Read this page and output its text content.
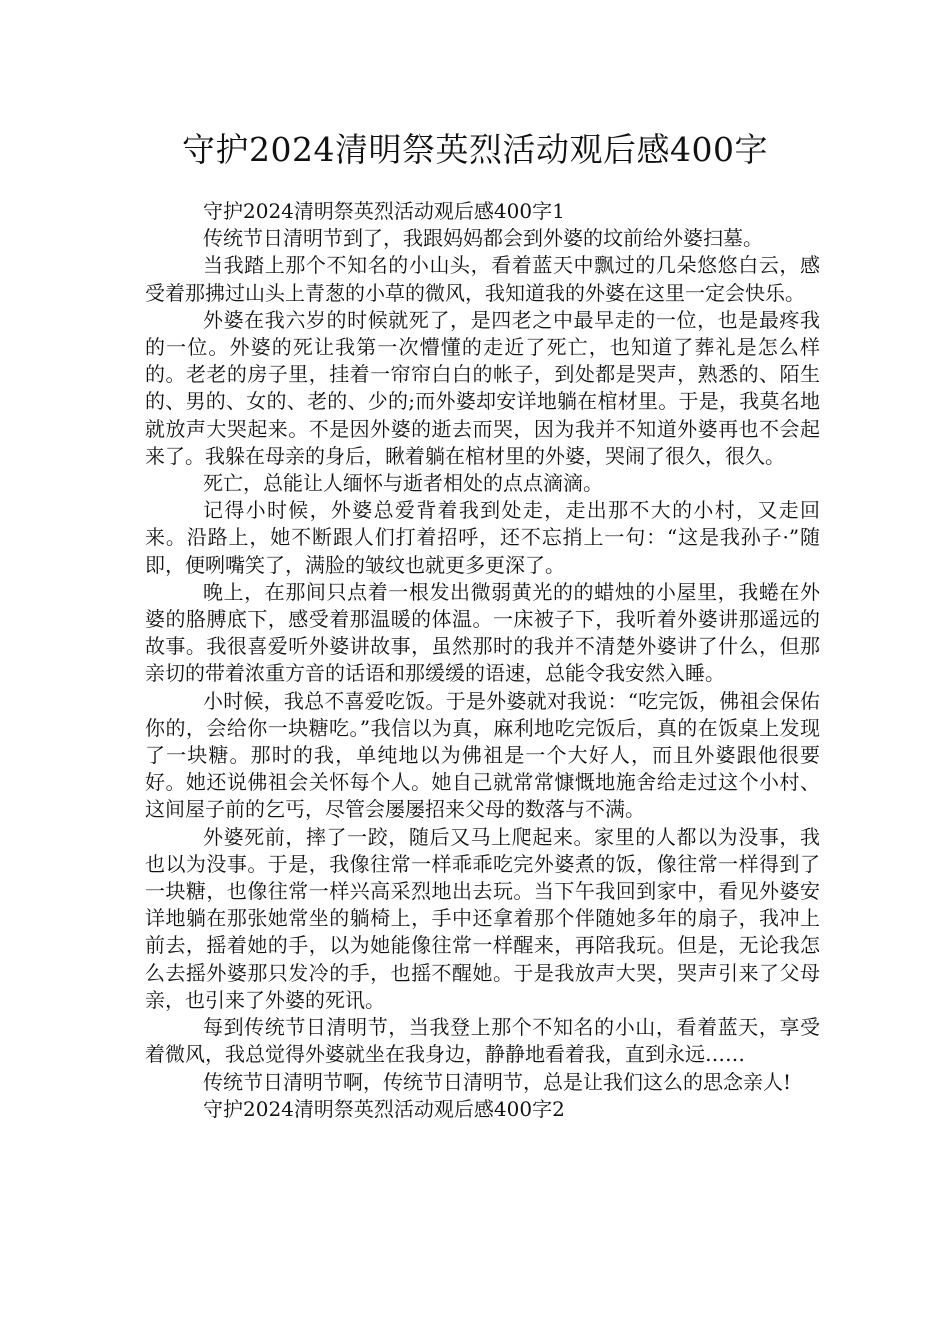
守护2024清明祭英烈活动观后感400字

守护2024清明祭英烈活动观后感400字1

传统节日清明节到了，我跟妈妈都会到外婆的坟前给外婆扫墓。

当我踏上那个不知名的小山头，看着蓝天中飘过的几朵悠悠白云，感受着那拂过山头上青葱的小草的微风，我知道我的外婆在这里一定会快乐。

外婆在我六岁的时候就死了，是四老之中最早走的一位，也是最疼我的一位。外婆的死让我第一次懵懂的走近了死亡，也知道了葬礼是怎么样的。老老的房子里，挂着一帘帘白白的帐子，到处都是哭声，熟悉的、陌生的、男的、女的、老的、少的;而外婆却安详地躺在棺材里。于是，我莫名地就放声大哭起来。不是因外婆的逝去而哭，因为我并不知道外婆再也不会起来了。我躲在母亲的身后，瞅着躺在棺材里的外婆，哭闹了很久，很久。

死亡，总能让人缅怀与逝者相处的点点滴滴。

记得小时候，外婆总爱背着我到处走，走出那不大的小村，又走回来。沿路上，她不断跟人们打着招呼，还不忘捎上一句：“这是我孙子·”随即，便咧嘴笑了，满脸的皱纹也就更多更深了。

晚上，在那间只点着一根发出微弱黄光的的蜡烛的小屋里，我蜷在外婆的胳膊底下，感受着那温暖的体温。一床被子下，我听着外婆讲那遥远的故事。我很喜爱听外婆讲故事，虽然那时的我并不清楚外婆讲了什么，但那亲切的带着浓重方音的话语和那缓缓的语速，总能令我安然入睡。

小时候，我总不喜爱吃饭。于是外婆就对我说：“吃完饭，佛祖会保佑你的，会给你一块糖吃。”我信以为真，麻利地吃完饭后，真的在饭桌上发现了一块糖。那时的我，单纯地以为佛祖是一个大好人，而且外婆跟他很要好。她还说佛祖会关怀每个人。她自己就常常慷慨地施舍给走过这个小村、这间屋子前的乞丐，尽管会屡屡招来父母的数落与不满。

外婆死前，摔了一跤，随后又马上爬起来。家里的人都以为没事，我也以为没事。于是，我像往常一样乖乖吃完外婆煮的饭，像往常一样得到了一块糖，也像往常一样兴高采烈地出去玩。当下午我回到家中，看见外婆安详地躺在那张她常坐的躺椅上，手中还拿着那个伴随她多年的扇子，我冲上前去，摇着她的手，以为她能像往常一样醒来，再陪我玩。但是，无论我怎么去摇外婆那只发冷的手，也摇不醒她。于是我放声大哭，哭声引来了父母亲，也引来了外婆的死讯。

每到传统节日清明节，当我登上那个不知名的小山，看着蓝天，享受着微风，我总觉得外婆就坐在我身边，静静地看着我，直到永远……

传统节日清明节啊，传统节日清明节，总是让我们这么的思念亲人!

守护2024清明祭英烈活动观后感400字2
